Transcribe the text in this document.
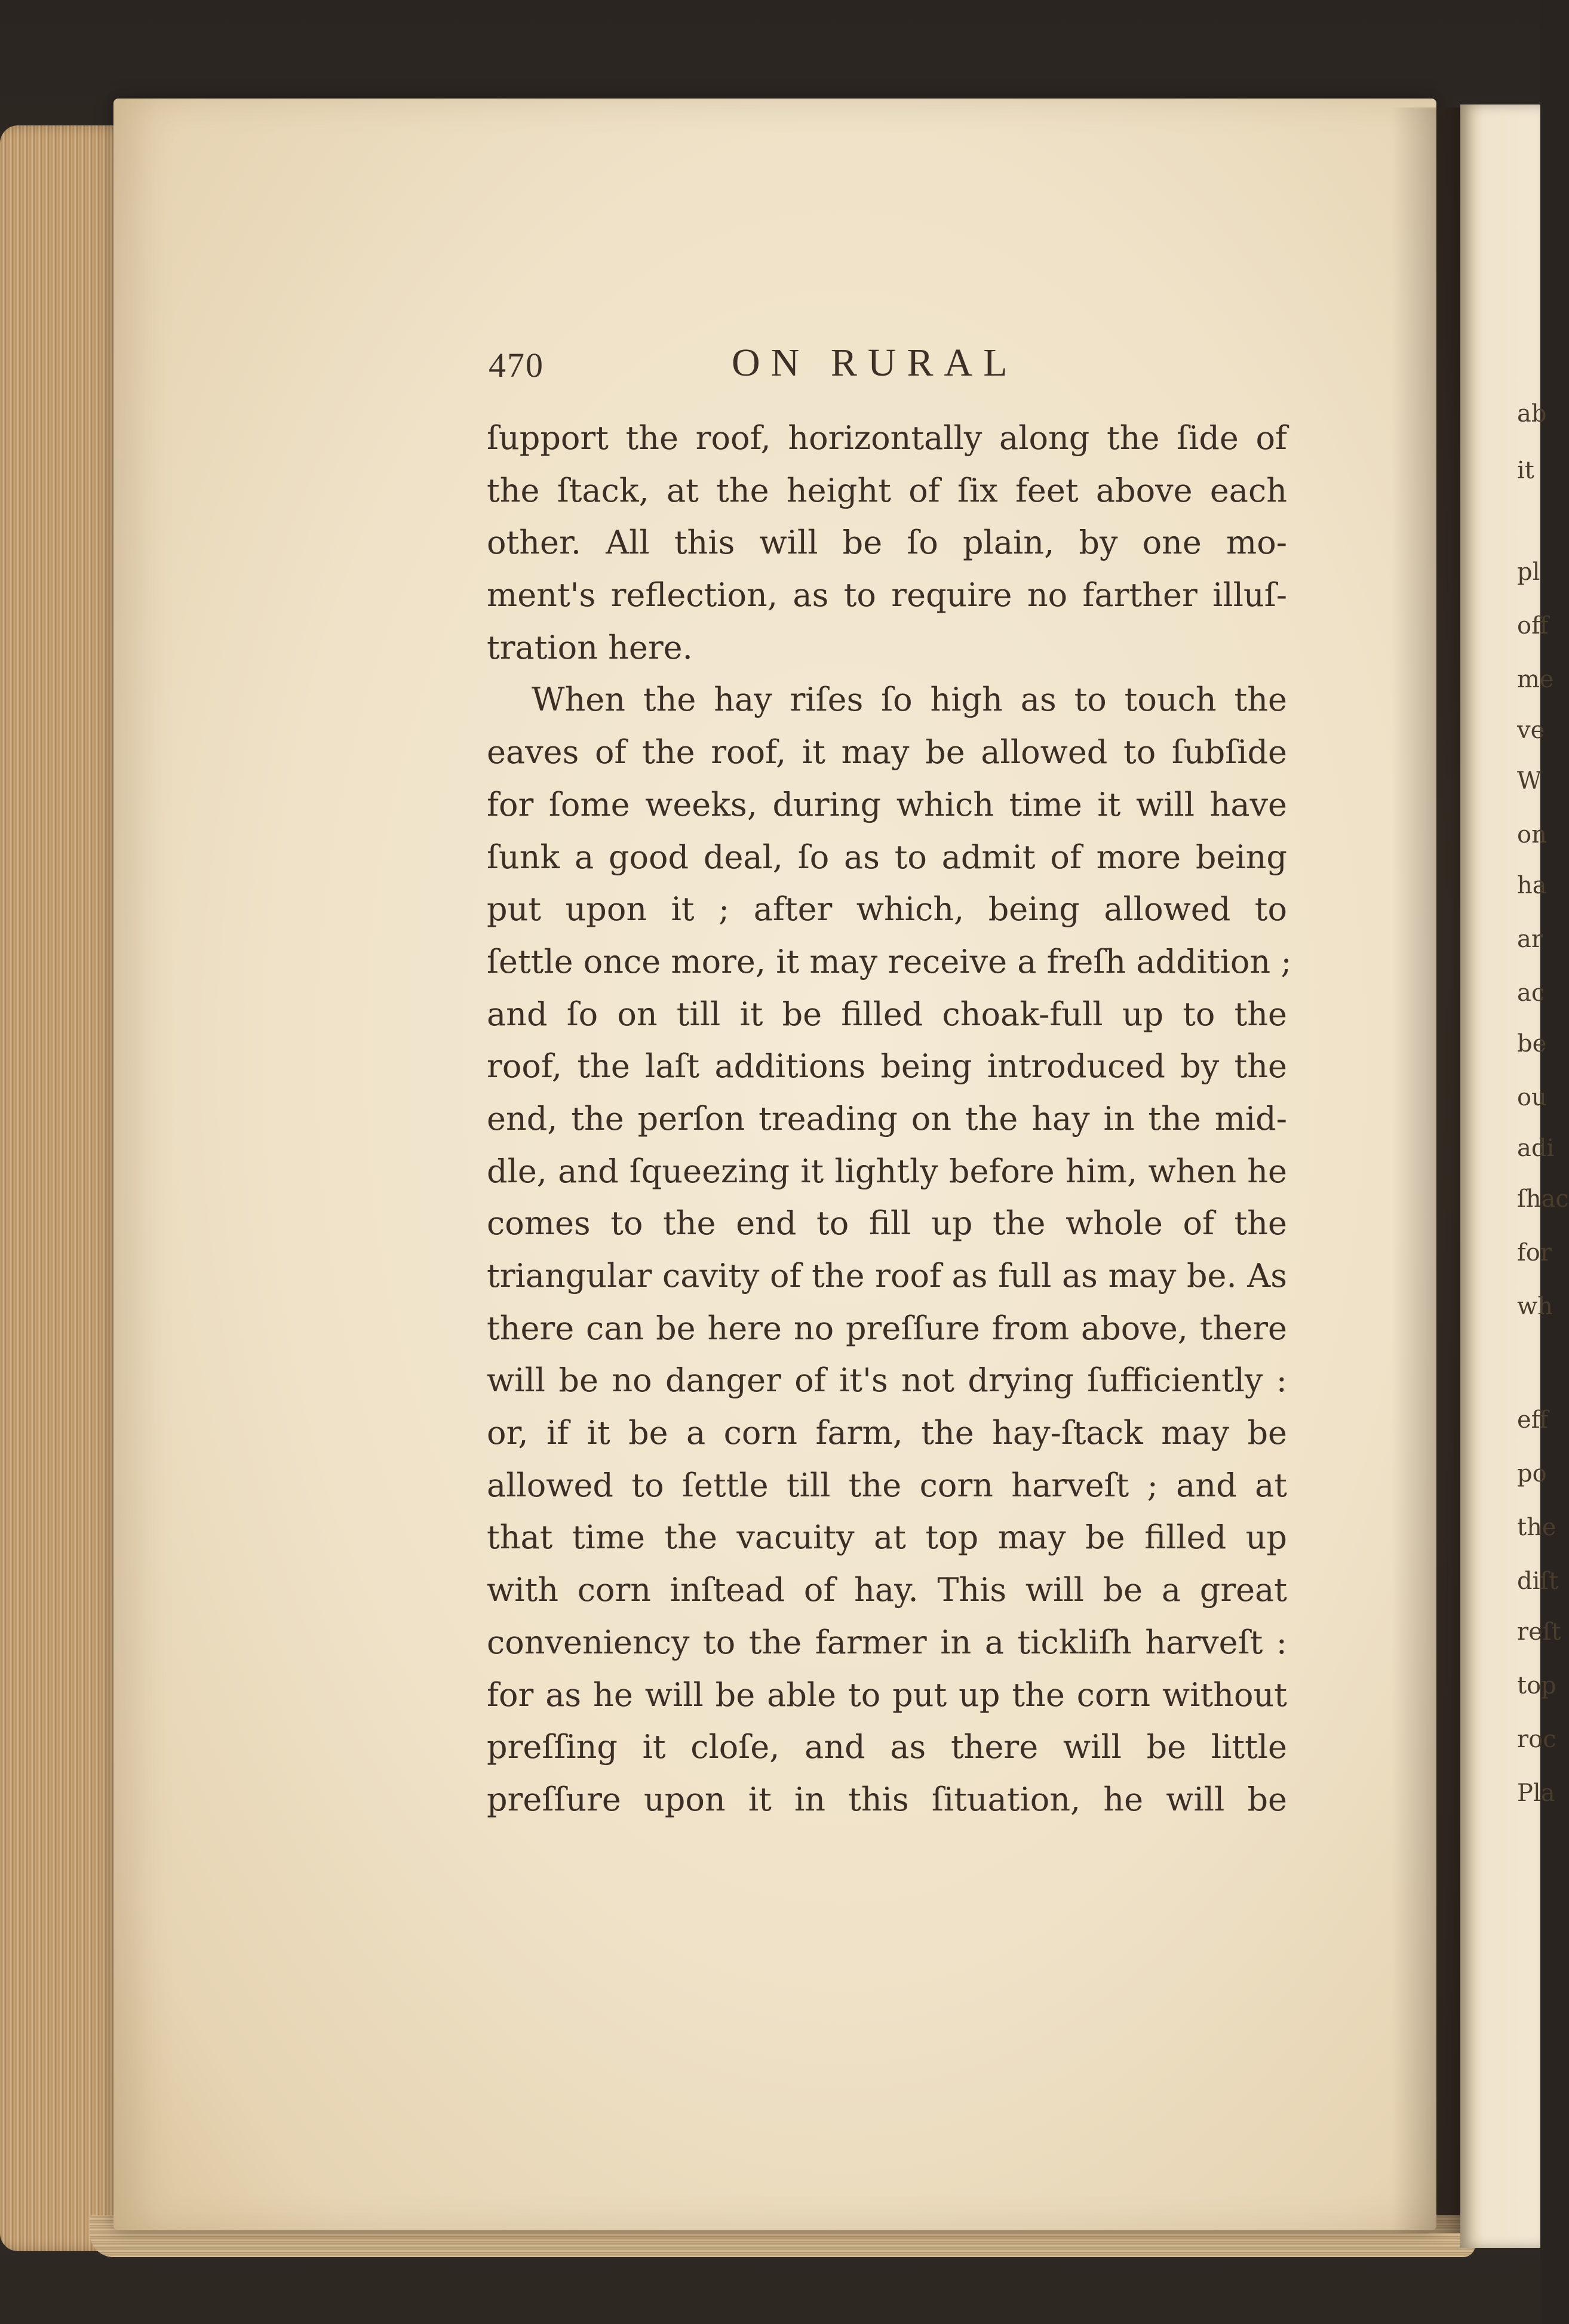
470	ON RURAL
ſupport the roof, horizontally along the ſide of
the ſtack, at the height of ſix feet above each
other. All this will be ſo plain, by one mo-
ment's reflection, as to require no farther illuſ-
tration here.
When the hay riſes ſo high as to touch the
eaves of the roof, it may be allowed to ſubſide
for ſome weeks, during which time it will have
ſunk a good deal, ſo as to admit of more being
put upon it ; after which, being allowed to
ſettle once more, it may receive a freſh addition ;
and ſo on till it be filled choak-full up to the
roof, the laſt additions being introduced by the
end, the perſon treading on the hay in the mid-
dle, and ſqueezing it lightly before him, when he
comes to the end to fill up the whole of the
triangular cavity of the roof as full as may be. As
there can be here no preſſure from above, there
will be no danger of it's not drying ſufficiently :
or, if it be a corn farm, the hay-ſtack may be
allowed to ſettle till the corn harveſt ; and at
that time the vacuity at top may be filled up
with corn inſtead of hay. This will be a great
conveniency to the farmer in a tickliſh harveſt :
for as he will be able to put up the corn without
preſſing it cloſe, and as there will be little
preſſure upon it in this ſituation, he will be
ab
it
pl
off
me
ve
W
on
ha
ar
ac
be
ou
adi
ſhac
for
wh
eff
po
the
diſt
reſt
top
roc
Pla
